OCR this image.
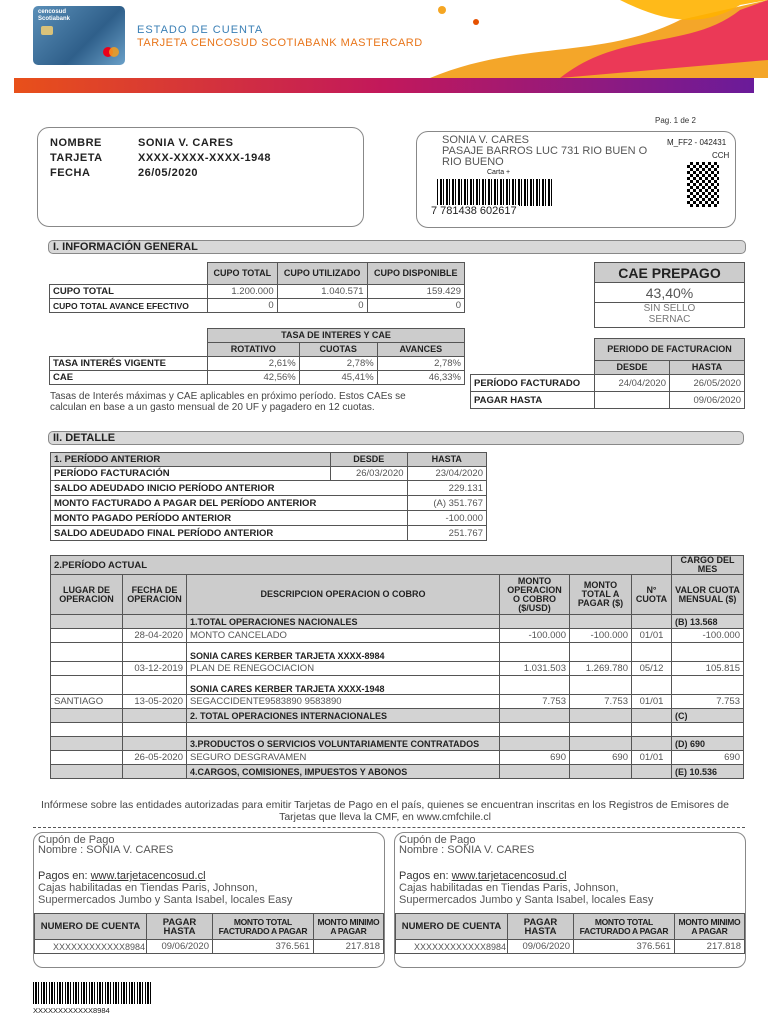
cencosud
Scotiabank
ESTADO DE CUENTA
TARJETA CENCOSUD SCOTIABANK MASTERCARD
Pag. 1 de 2
NOMBRE	SONIA V. CARES
TARJETA	XXXX-XXXX-XXXX-1948
FECHA	26/05/2020
SONIA V. CARES
PASAJE BARROS LUC 731 RIO BUEN O
RIO BUENO
M_FF2 - 042431
CCH
Carta +
7 781438 602617
I. INFORMACIÓN GENERAL
	CUPO TOTAL	CUPO UTILIZADO	CUPO DISPONIBLE
CUPO TOTAL	1.200.000	1.040.571	159.429
CUPO TOTAL AVANCE EFECTIVO	0	0	0
	TASA DE INTERES Y CAE		
	ROTATIVO	CUOTAS	AVANCES
TASA INTERÉS VIGENTE	2,61%	2,78%	2,78%
CAE	42,56%	45,41%	46,33%
Tasas de Interés máximas y CAE aplicables en próximo período. Estos CAEs se calculan en base a un gasto mensual de 20 UF y pagadero en 12 cuotas.
CAE PREPAGO
43,40%
SIN SELLO
SERNAC
	PERIODO DE FACTURACION	
	DESDE	HASTA
PERÍODO FACTURADO	24/04/2020	26/05/2020
PAGAR HASTA		09/06/2020
II. DETALLE
1. PERÍODO ANTERIOR	DESDE	HASTA
PERÍODO FACTURACIÓN	26/03/2020	23/04/2020
SALDO ADEUDADO INICIO PERÍODO ANTERIOR		229.131
MONTO FACTURADO A PAGAR DEL PERÍODO ANTERIOR		(A) 351.767
MONTO PAGADO PERÍODO ANTERIOR		-100.000
SALDO ADEUDADO FINAL PERÍODO ANTERIOR		251.767
2.PERÍODO ACTUAL						CARGO DEL MES
LUGAR DE OPERACION	FECHA DE OPERACION	DESCRIPCION OPERACION O COBRO	MONTO OPERACION O COBRO ($/USD)	MONTO TOTAL A PAGAR ($)	N° CUOTA	VALOR CUOTA MENSUAL ($)
		1.TOTAL OPERACIONES NACIONALES				(B) 13.568
	28-04-2020	MONTO CANCELADO	-100.000	-100.000	01/01	-100.000
		SONIA CARES KERBER TARJETA XXXX-8984				
	03-12-2019	PLAN DE RENEGOCIACION	1.031.503	1.269.780	05/12	105.815
		SONIA CARES KERBER TARJETA XXXX-1948				
SANTIAGO	13-05-2020	SEGACCIDENTE9583890 9583890	7.753	7.753	01/01	7.753
		2. TOTAL OPERACIONES INTERNACIONALES				(C)

		3.PRODUCTOS O SERVICIOS VOLUNTARIAMENTE CONTRATADOS				(D) 690
	26-05-2020	SEGURO DESGRAVAMEN	690	690	01/01	690
		4.CARGOS, COMISIONES, IMPUESTOS Y ABONOS				(E) 10.536
Infórmese sobre las entidades autorizadas para emitir Tarjetas de Pago en el país, quienes se encuentran inscritas en los Registros de Emisores de Tarjetas que lleva la CMF, en www.cmfchile.cl
Cupón de Pago
Nombre : SONIA V. CARES
Pagos en: www.tarjetacencosud.cl
Cajas habilitadas en Tiendas Paris, Johnson,
Supermercados Jumbo y Santa Isabel, locales Easy
NUMERO DE CUENTA	PAGAR HASTA	MONTO TOTAL FACTURADO A PAGAR	MONTO MINIMO A PAGAR
XXXXXXXXXXXX8984	09/06/2020	376.561	217.818
Cupón de Pago
Nombre : SONIA V. CARES
Pagos en: www.tarjetacencosud.cl
Cajas habilitadas en Tiendas Paris, Johnson,
Supermercados Jumbo y Santa Isabel, locales Easy
NUMERO DE CUENTA	PAGAR HASTA	MONTO TOTAL FACTURADO A PAGAR	MONTO MINIMO A PAGAR
XXXXXXXXXXXX8984	09/06/2020	376.561	217.818
XXXXXXXXXXXX8984
